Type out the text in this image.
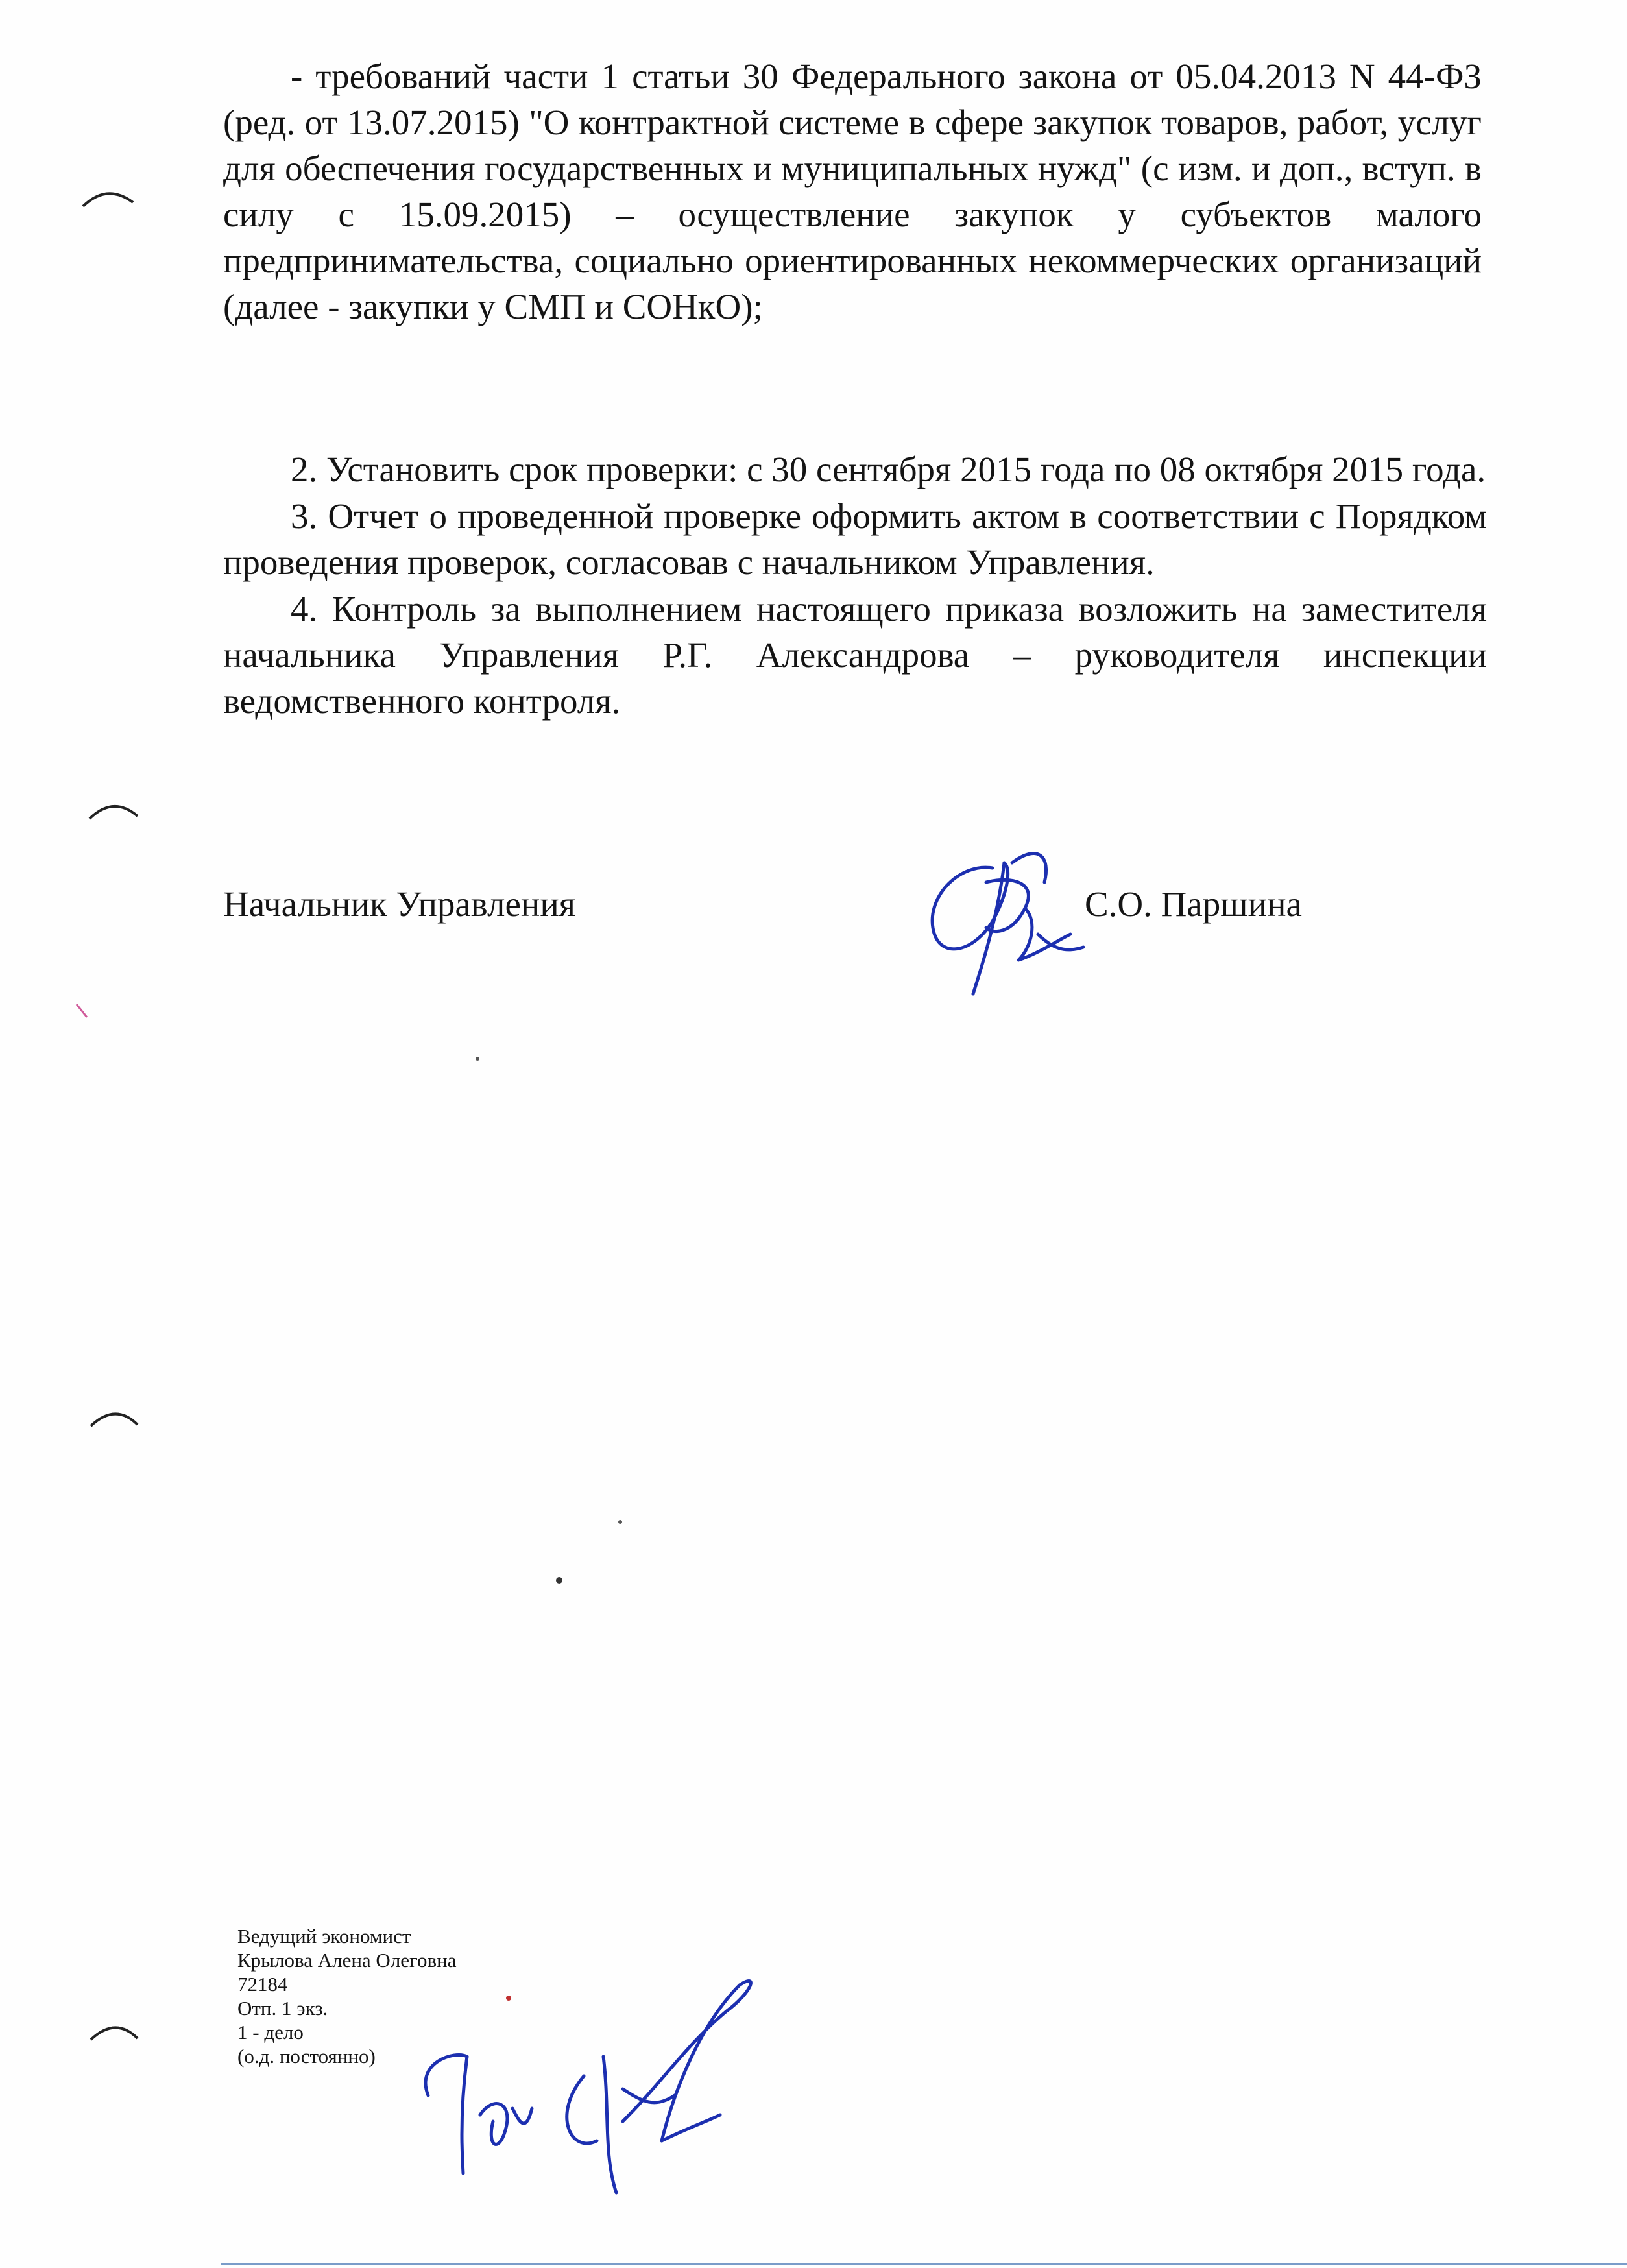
- требований части 1 статьи 30 Федерального закона от 05.04.2013 N 44-ФЗ (ред. от 13.07.2015) "О контрактной системе в сфере закупок товаров, работ, услуг для обеспечения государственных и муниципальных нужд" (с изм. и доп., вступ. в силу с 15.09.2015) – осуществление закупок у субъектов малого предпринимательства, социально ориентированных некоммерческих организаций (далее - закупки у СМП и СОНкО);

2. Установить срок проверки: с 30 сентября 2015 года по 08 октября 2015 года.

3. Отчет о проведенной проверке оформить актом в соответствии с Порядком проведения проверок, согласовав с начальником Управления.

4. Контроль за выполнением настоящего приказа возложить на заместителя начальника Управления Р.Г. Александрова – руководителя инспекции ведомственного контроля.

Начальник Управления	С.О. Паршина
Ведущий экономист
Крылова Алена Олеговна
72184
Отп. 1 экз.
1 - дело
(о.д. постоянно)
